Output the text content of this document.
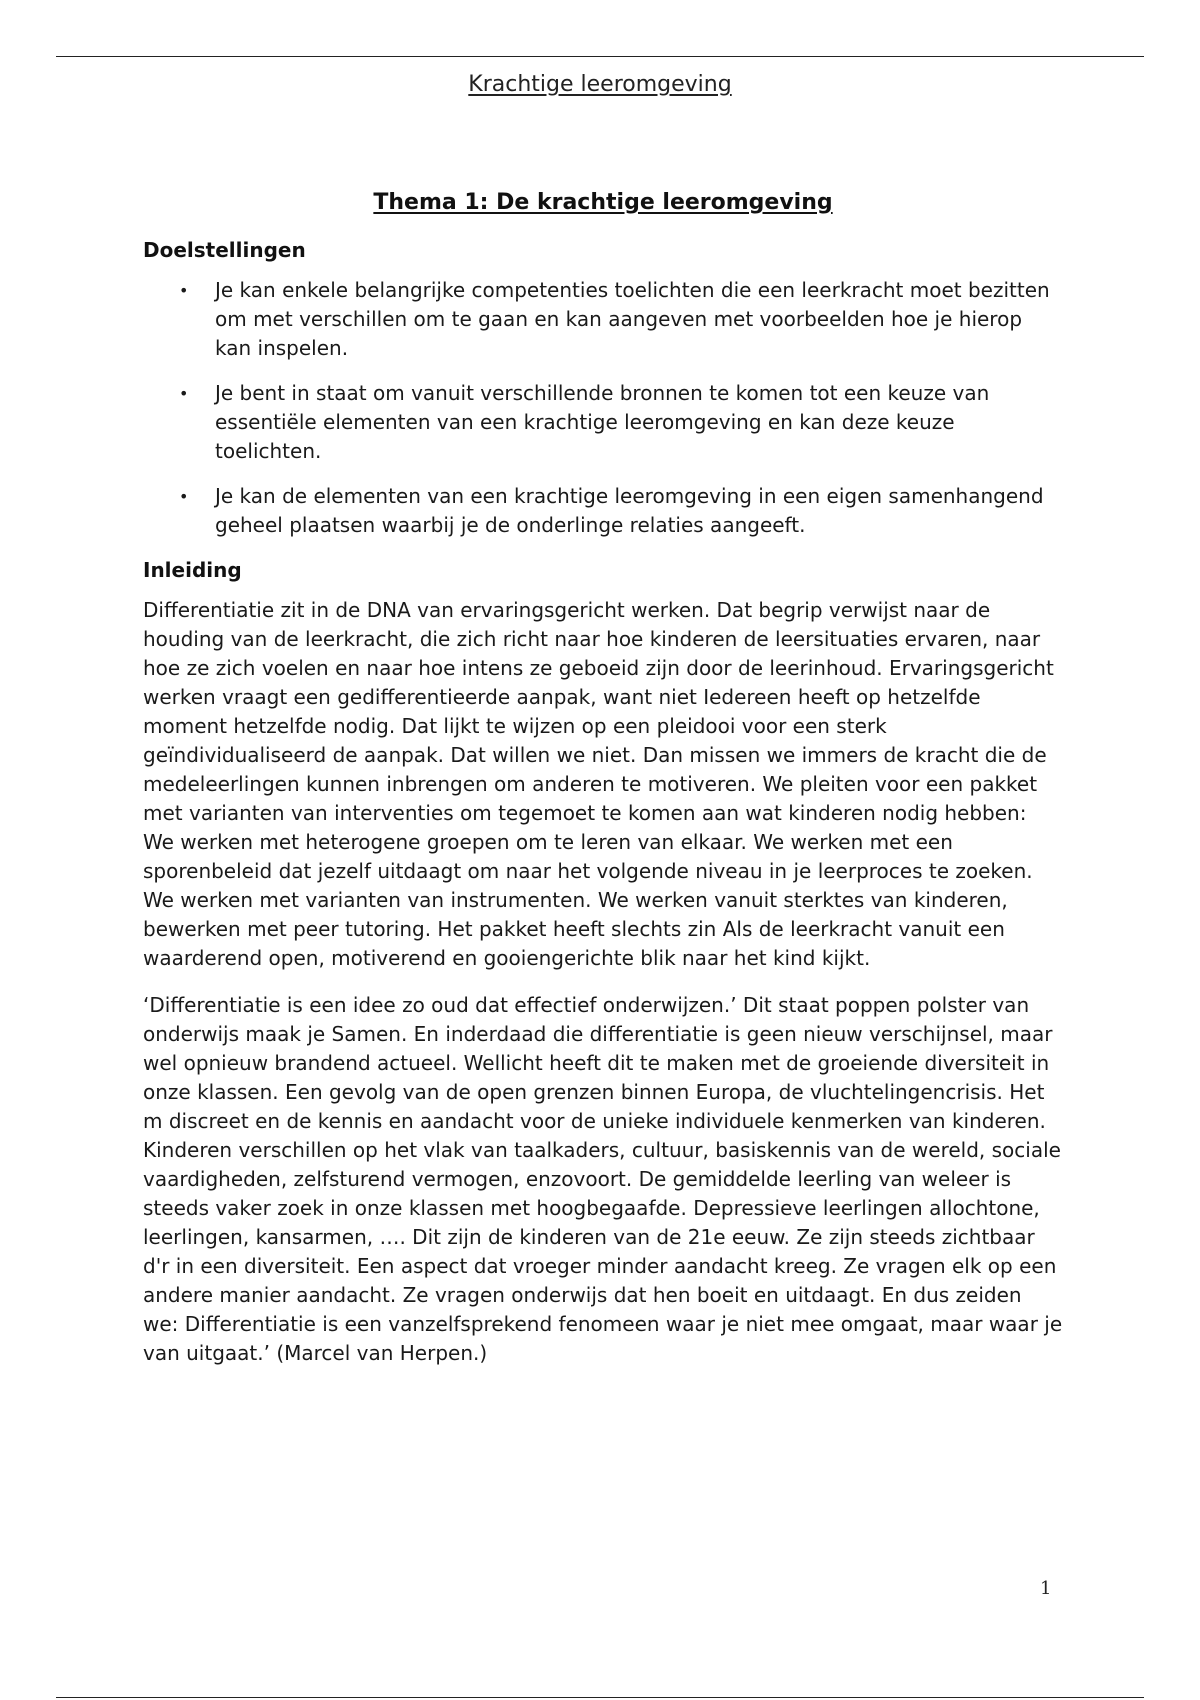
Krachtige leeromgeving
Thema 1: De krachtige leeromgeving
Doelstellingen
• Je kan enkele belangrijke competenties toelichten die een leerkracht moet bezitten om met verschillen om te gaan en kan aangeven met voorbeelden hoe je hierop kan inspelen.
• Je bent in staat om vanuit verschillende bronnen te komen tot een keuze van essentiële elementen van een krachtige leeromgeving en kan deze keuze toelichten.
• Je kan de elementen van een krachtige leeromgeving in een eigen samenhangend geheel plaatsen waarbij je de onderlinge relaties aangeeft.
Inleiding

Differentiatie zit in de DNA van ervaringsgericht werken. Dat begrip verwijst naar de houding van de leerkracht, die zich richt naar hoe kinderen de leersituaties ervaren, naar hoe ze zich voelen en naar hoe intens ze geboeid zijn door de leerinhoud. Ervaringsgericht werken vraagt een gedifferentieerde aanpak, want niet Iedereen heeft op hetzelfde moment hetzelfde nodig. Dat lijkt te wijzen op een pleidooi voor een sterk geïndividualiseerd de aanpak. Dat willen we niet. Dan missen we immers de kracht die de medeleerlingen kunnen inbrengen om anderen te motiveren. We pleiten voor een pakket met varianten van interventies om tegemoet te komen aan wat kinderen nodig hebben: We werken met heterogene groepen om te leren van elkaar. We werken met een sporenbeleid dat jezelf uitdaagt om naar het volgende niveau in je leerproces te zoeken. We werken met varianten van instrumenten. We werken vanuit sterktes van kinderen, bewerken met peer tutoring. Het pakket heeft slechts zin Als de leerkracht vanuit een waarderend open, motiverend en gooiengerichte blik naar het kind kijkt.

‘Differentiatie is een idee zo oud dat effectief onderwijzen.’ Dit staat poppen polster van onderwijs maak je Samen. En inderdaad die differentiatie is geen nieuw verschijnsel, maar wel opnieuw brandend actueel. Wellicht heeft dit te maken met de groeiende diversiteit in onze klassen. Een gevolg van de open grenzen binnen Europa, de vluchtelingencrisis. Het m discreet en de kennis en aandacht voor de unieke individuele kenmerken van kinderen. Kinderen verschillen op het vlak van taalkaders, cultuur, basiskennis van de wereld, sociale vaardigheden, zelfsturend vermogen, enzovoort. De gemiddelde leerling van weleer is steeds vaker zoek in onze klassen met hoogbegaafde. Depressieve leerlingen allochtone, leerlingen, kansarmen, …. Dit zijn de kinderen van de 21e eeuw. Ze zijn steeds zichtbaar d'r in een diversiteit. Een aspect dat vroeger minder aandacht kreeg. Ze vragen elk op een andere manier aandacht. Ze vragen onderwijs dat hen boeit en uitdaagt. En dus zeiden we: Differentiatie is een vanzelfsprekend fenomeen waar je niet mee omgaat, maar waar je van uitgaat.’ (Marcel van Herpen.)

1
